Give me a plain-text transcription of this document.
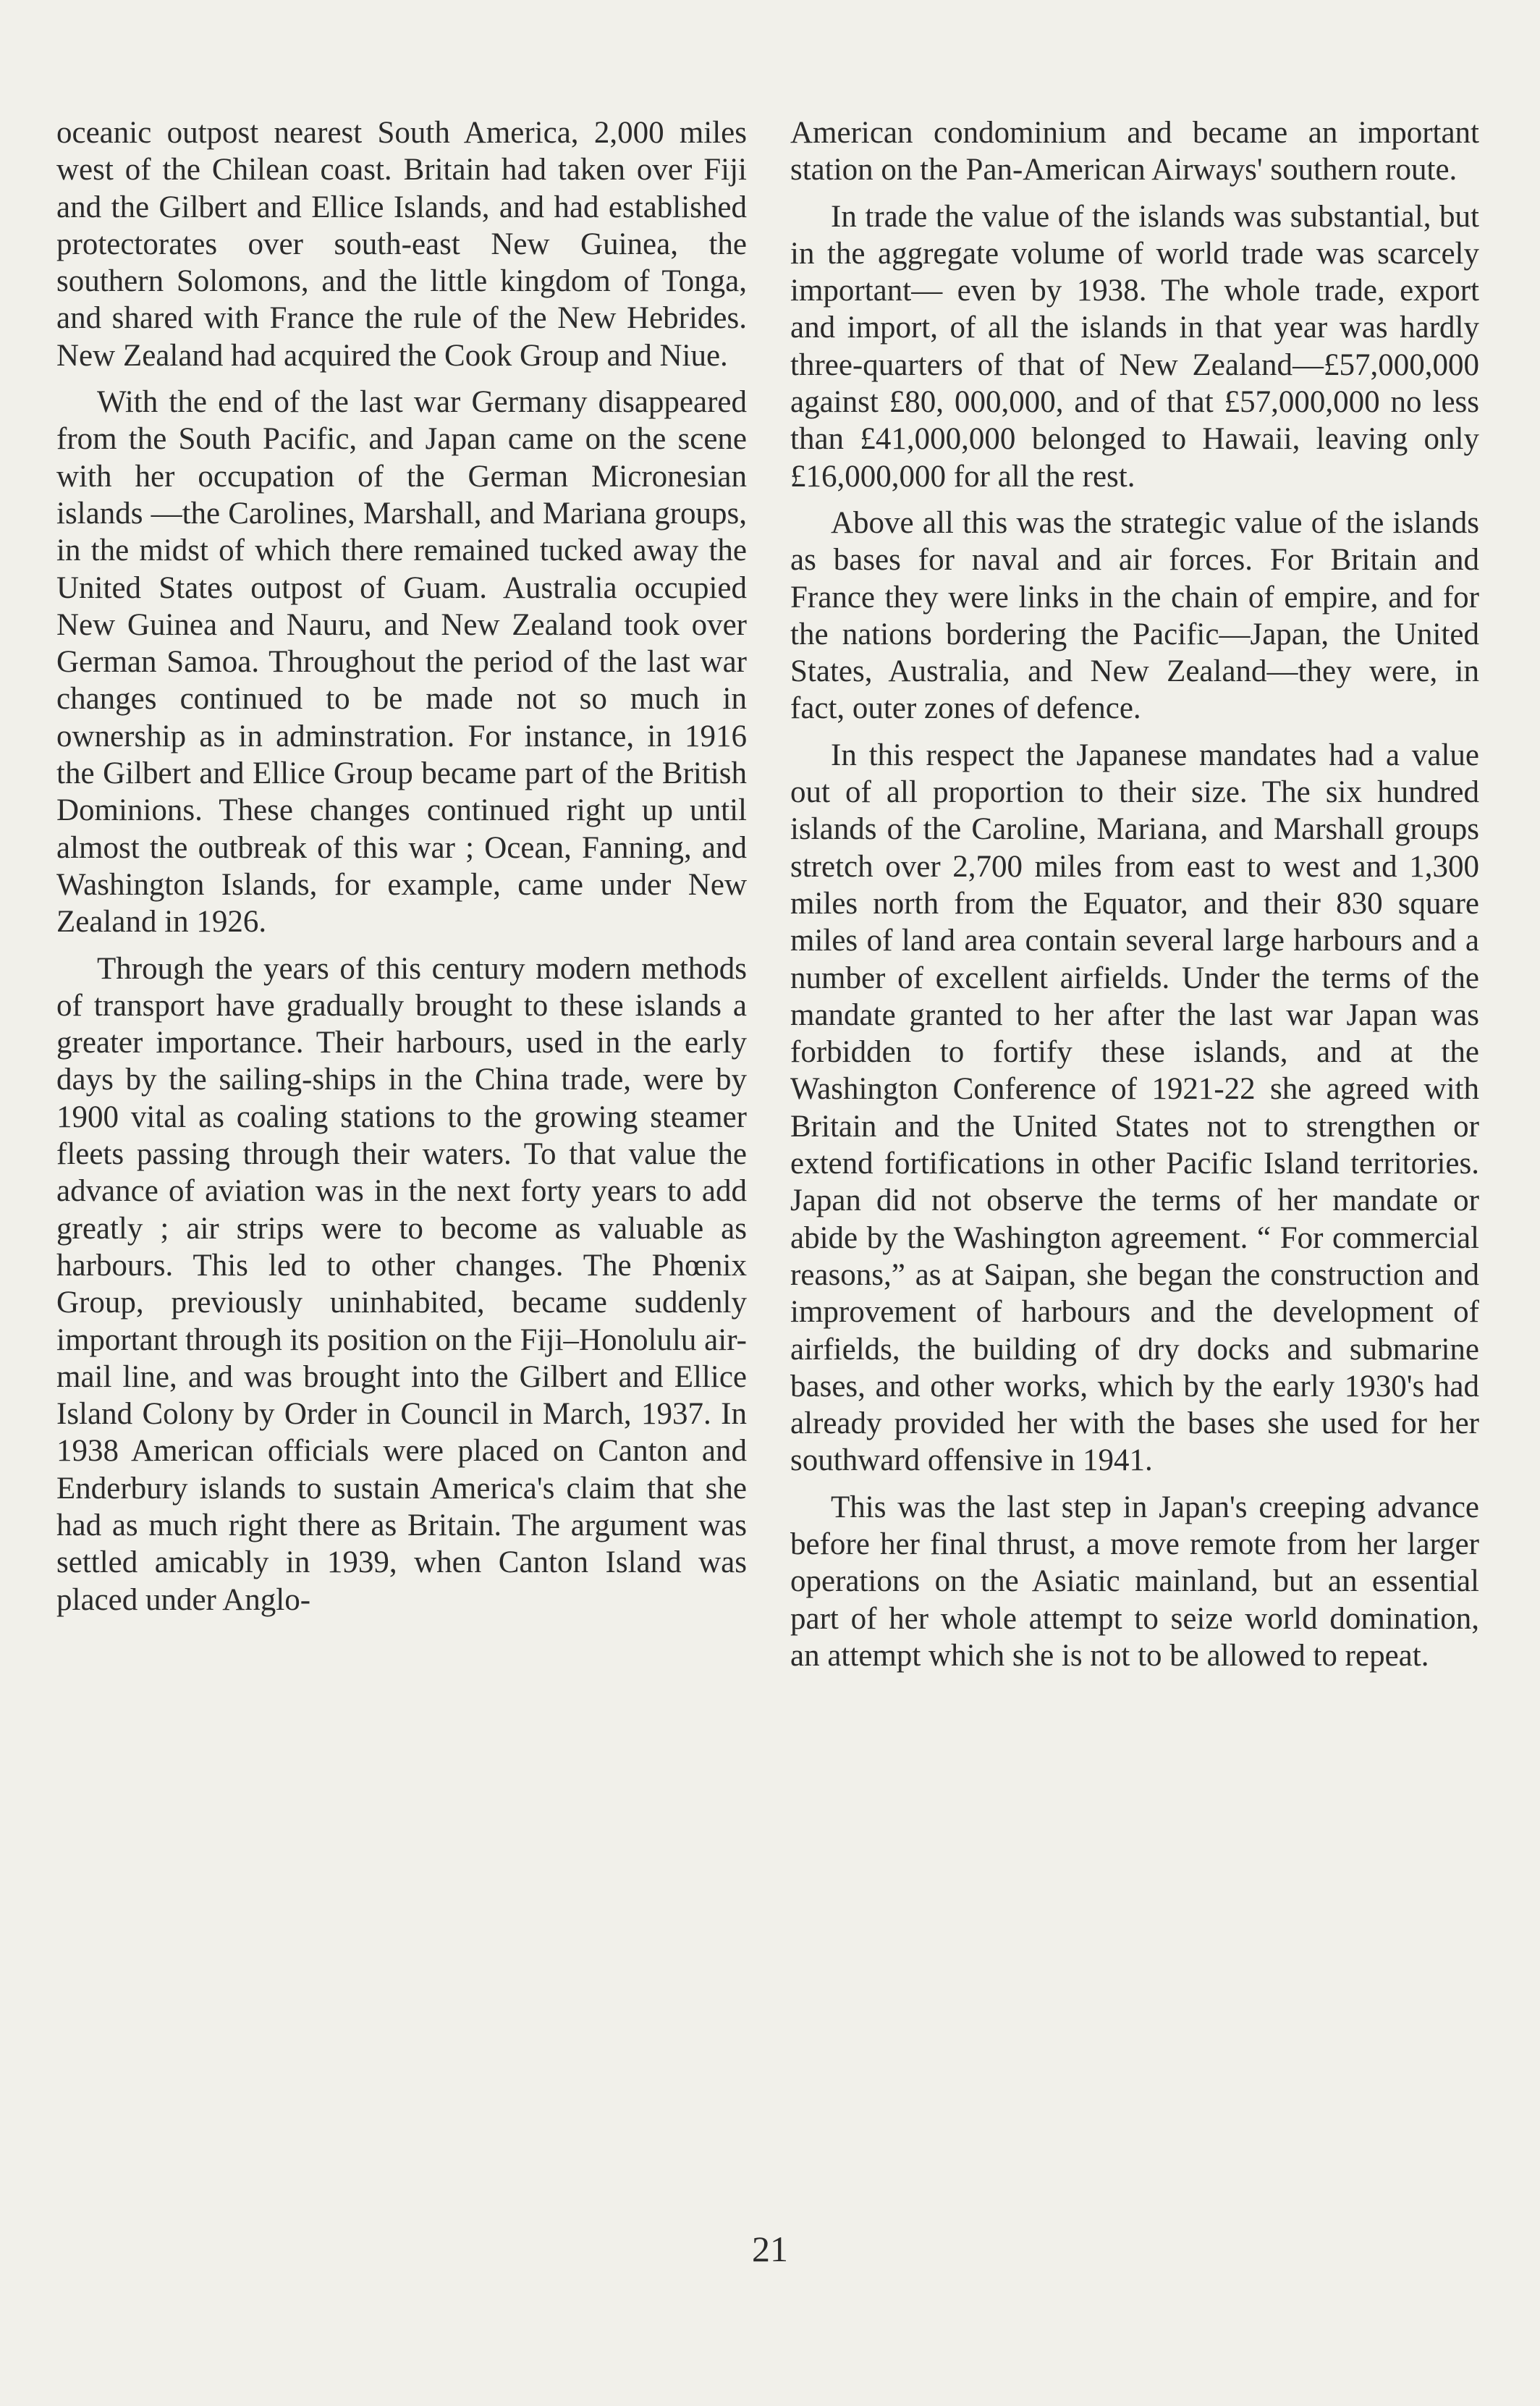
oceanic outpost nearest South America, 2,000 miles west of the Chilean coast. Britain had taken over Fiji and the Gilbert and Ellice Islands, and had established protectorates over south-east New Guinea, the southern Solomons, and the little kingdom of Tonga, and shared with France the rule of the New Hebrides. New Zealand had acquired the Cook Group and Niue.

With the end of the last war Germany disappeared from the South Pacific, and Japan came on the scene with her occupation of the German Micronesian islands —the Carolines, Marshall, and Mariana groups, in the midst of which there remained tucked away the United States outpost of Guam. Australia occupied New Guinea and Nauru, and New Zealand took over German Samoa. Throughout the period of the last war changes continued to be made not so much in ownership as in adminstration. For instance, in 1916 the Gilbert and Ellice Group became part of the British Dominions. These changes continued right up until almost the outbreak of this war ; Ocean, Fanning, and Washington Islands, for example, came under New Zealand in 1926.

Through the years of this century modern methods of transport have gradually brought to these islands a greater importance. Their harbours, used in the early days by the sailing-ships in the China trade, were by 1900 vital as coaling stations to the growing steamer fleets passing through their waters. To that value the advance of aviation was in the next forty years to add greatly ; air strips were to become as valuable as harbours. This led to other changes. The Phœnix Group, previously uninhabited, became suddenly important through its position on the Fiji–Honolulu air-mail line, and was brought into the Gilbert and Ellice Island Colony by Order in Council in March, 1937. In 1938 American officials were placed on Canton and Enderbury islands to sustain America's claim that she had as much right there as Britain. The argument was settled amicably in 1939, when Canton Island was placed under Anglo-

American condominium and became an important station on the Pan-American Airways' southern route.

In trade the value of the islands was substantial, but in the aggregate volume of world trade was scarcely important— even by 1938. The whole trade, export and import, of all the islands in that year was hardly three-quarters of that of New Zealand—£57,000,000 against £80, 000,000, and of that £57,000,000 no less than £41,000,000 belonged to Hawaii, leaving only £16,000,000 for all the rest.

Above all this was the strategic value of the islands as bases for naval and air forces. For Britain and France they were links in the chain of empire, and for the nations bordering the Pacific—Japan, the United States, Australia, and New Zealand—they were, in fact, outer zones of defence.

In this respect the Japanese mandates had a value out of all proportion to their size. The six hundred islands of the Caroline, Mariana, and Marshall groups stretch over 2,700 miles from east to west and 1,300 miles north from the Equator, and their 830 square miles of land area contain several large harbours and a number of excellent airfields. Under the terms of the mandate granted to her after the last war Japan was forbidden to fortify these islands, and at the Washington Conference of 1921-22 she agreed with Britain and the United States not to strengthen or extend fortifications in other Pacific Island territories. Japan did not observe the terms of her mandate or abide by the Washington agreement. “ For commercial reasons,” as at Saipan, she began the construction and improvement of harbours and the development of airfields, the building of dry docks and submarine bases, and other works, which by the early 1930's had already provided her with the bases she used for her southward offensive in 1941.

This was the last step in Japan's creeping advance before her final thrust, a move remote from her larger operations on the Asiatic mainland, but an essential part of her whole attempt to seize world domination, an attempt which she is not to be allowed to repeat.

21
